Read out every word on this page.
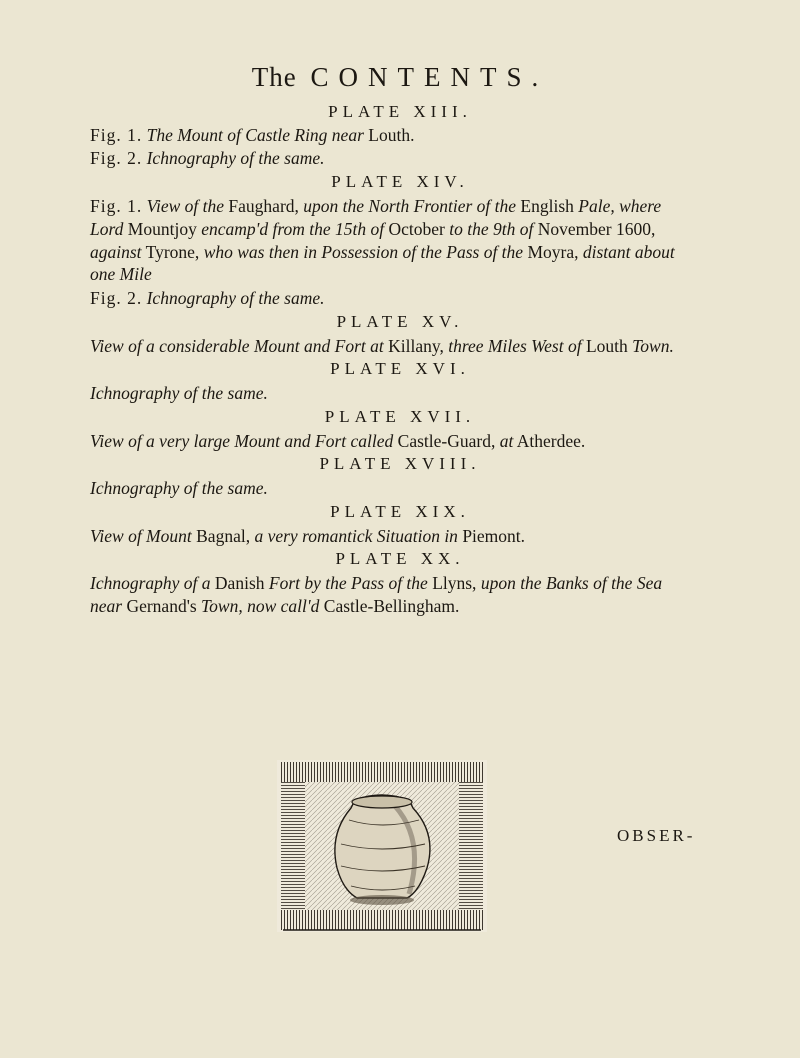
The CONTENTS.
PLATE XIII.
Fig. 1. The Mount of Castle Ring near Louth.
Fig. 2. Ichnography of the same.
PLATE XIV.
Fig. 1. View of the Faughard, upon the North Frontier of the English Pale, where
Lord Mountjoy encamp'd from the 15th of October to the 9th of November 1600,
against Tyrone, who was then in Possession of the Pass of the Moyra, distant about
one Mile
Fig. 2. Ichnography of the same.
PLATE XV.
View of a considerable Mount and Fort at Killany, three Miles West of Louth Town.
PLATE XVI.
Ichnography of the same.
PLATE XVII.
View of a very large Mount and Fort called Castle-Guard, at Atherdee.
PLATE XVIII.
Ichnography of the same.
PLATE XIX.
View of Mount Bagnal, a very romantick Situation in Piemont.
PLATE XX.
Ichnography of a Danish Fort by the Pass of the Llyns, upon the Banks of the Sea
near Gernand's Town, now call'd Castle-Bellingham.
OBSER-
